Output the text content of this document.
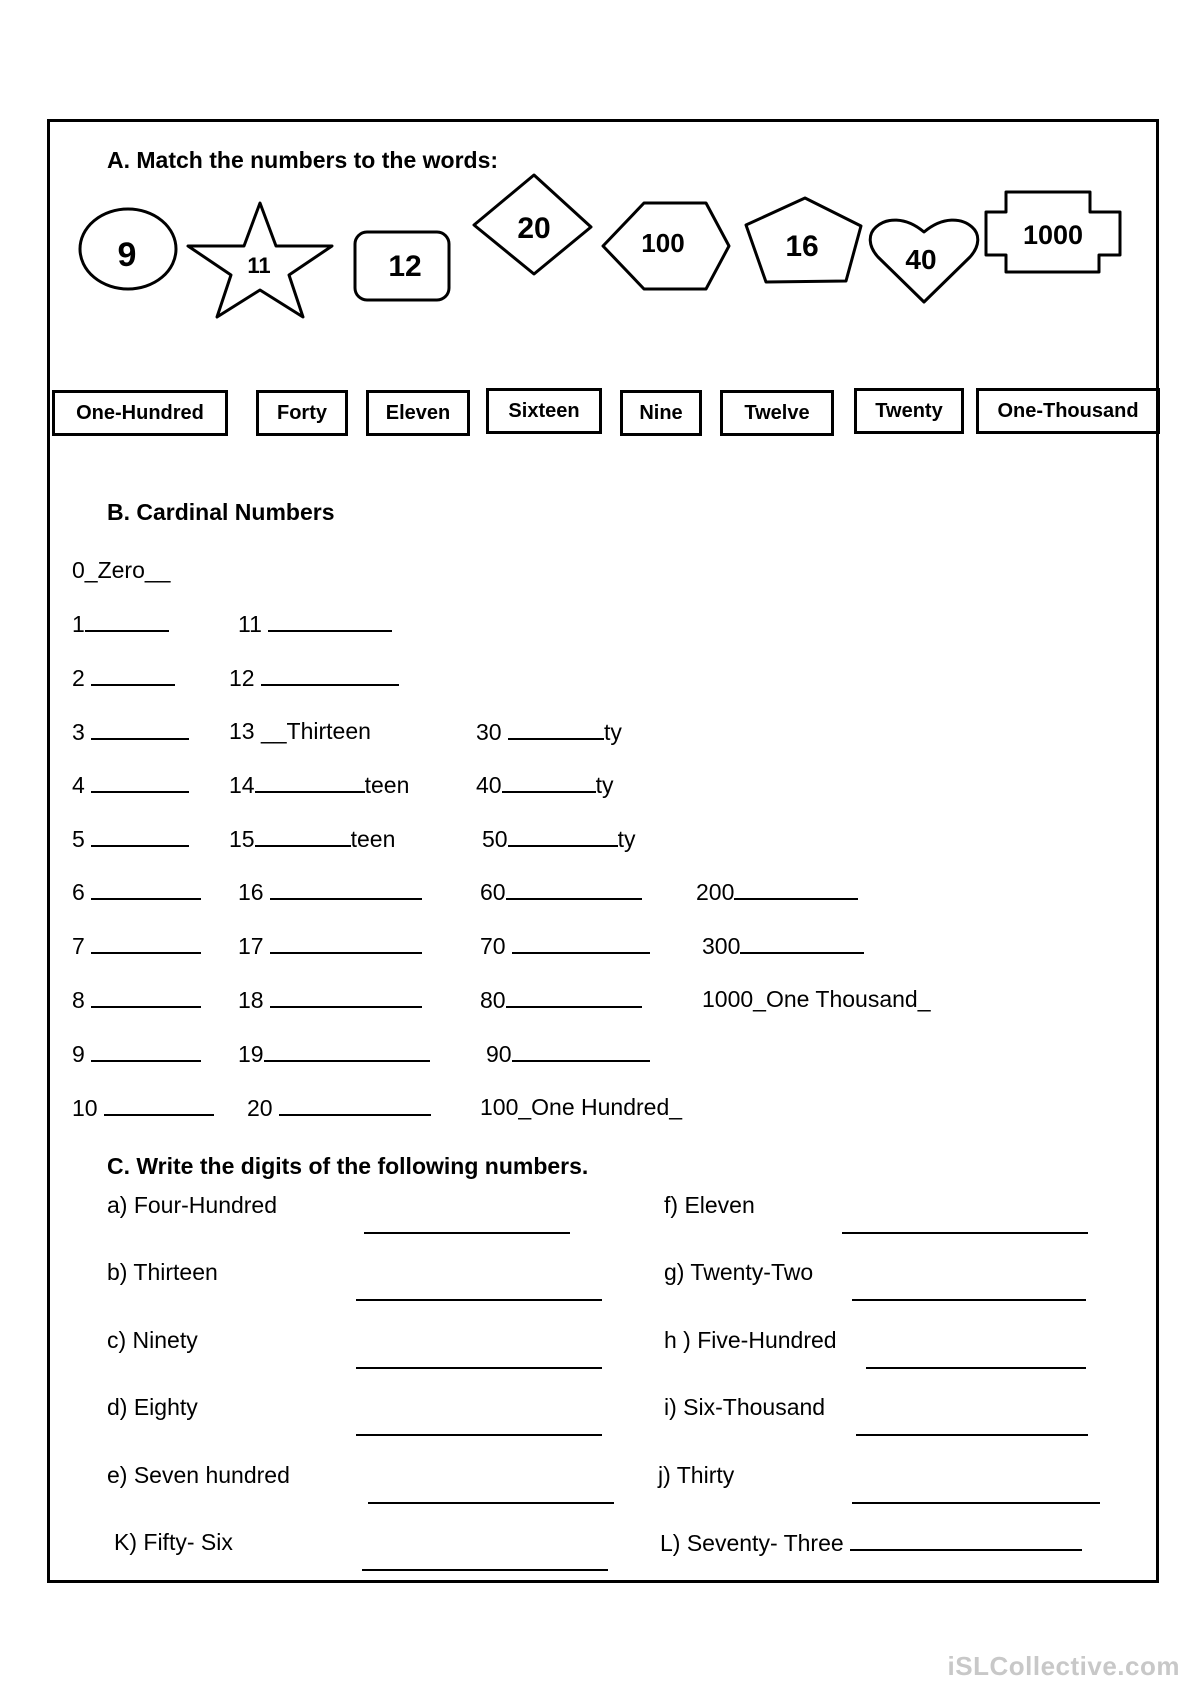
A. Match the numbers to the words:
9	11	12
20	100	16	40
1000
One-Hundred	Forty	Eleven	Sixteen	Nine	Twelve	Twenty	One-Thousand
B. Cardinal Numbers
0_Zero__
1	11
2	12
3	13 __Thirteen	30	ty
4	14	teen	40	ty
5	15	teen	50	ty
6	16	60	200
7	17	70	300
8	18	80	1000_One Thousand_
9	19	90
10	20	100_One Hundred_
C. Write the digits of the following numbers.
a) Four-Hundred	f) Eleven
b) Thirteen	g) Twenty-Two
c) Ninety	h ) Five-Hundred
d) Eighty	i) Six-Thousand
e) Seven hundred	j) Thirty
K) Fifty- Six	L) Seventy- Three
iSLCollective.com
